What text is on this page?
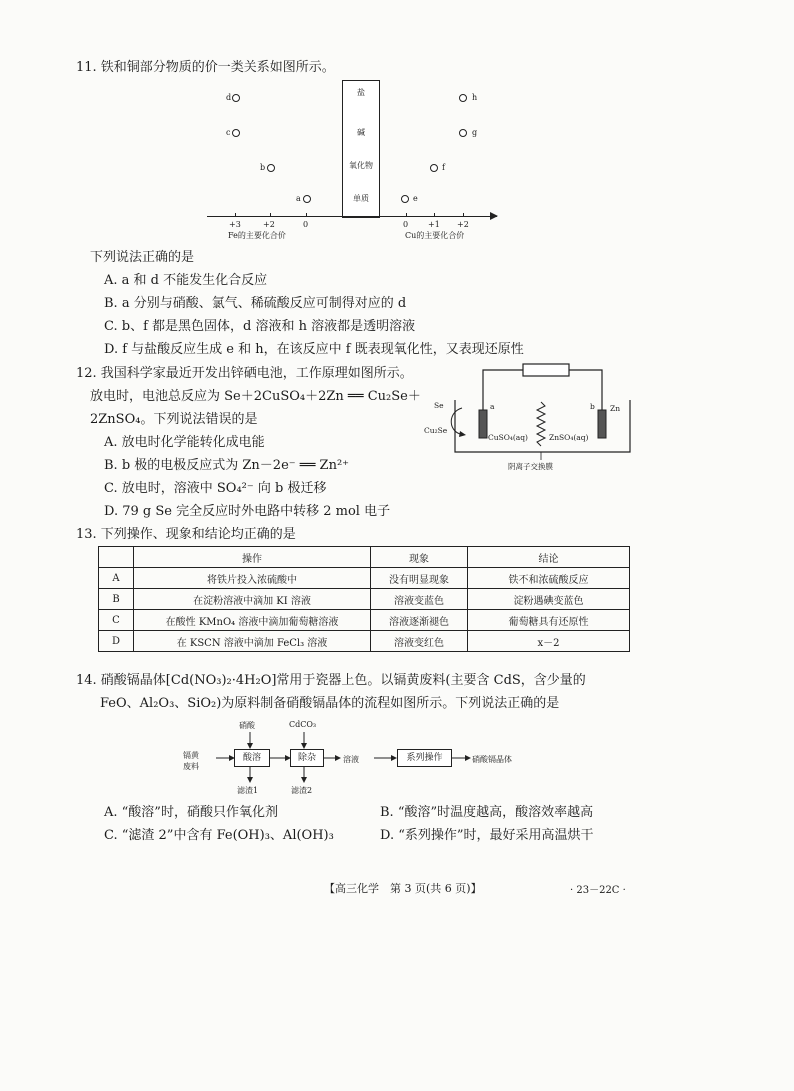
11. 铁和铜部分物质的价一类关系如图所示。
盐
碱
氧化物
单质
+3	+2	0	0 +1 +2
Fe的主要化合价	Cu的主要化合价
d
c
b
a
h
g
f
e
下列说法正确的是
A. a 和 d 不能发生化合反应
B. a 分别与硝酸、氯气、稀硫酸反应可制得对应的 d
C. b、f 都是黑色固体，d 溶液和 h 溶液都是透明溶液
D. f 与盐酸反应生成 e 和 h，在该反应中 f 既表现氧化性，又表现还原性
12. 我国科学家最近开发出锌硒电池，工作原理如图所示。
放电时，电池总反应为 Se＋2CuSO₄＋2Zn ══ Cu₂Se＋
2ZnSO₄。下列说法错误的是
A. 放电时化学能转化成电能
B. b 极的电极反应式为 Zn－2e⁻ ══ Zn²⁺
C. 放电时，溶液中 SO₄²⁻ 向 b 极迁移
D. 79 g Se 完全反应时外电路中转移 2 mol 电子
Se
Cu₂Se
a	b Zn
CuSO₄(aq)	ZnSO₄(aq)
阴离子交换膜
13. 下列操作、现象和结论均正确的是
	操作	现象	结论
A	将铁片投入浓硫酸中	没有明显现象	铁不和浓硫酸反应
B	在淀粉溶液中滴加 KI 溶液	溶液变蓝色	淀粉遇碘变蓝色
C	在酸性 KMnO₄ 溶液中滴加葡萄糖溶液	溶液逐渐褪色	葡萄糖具有还原性
D	在 KSCN 溶液中滴加 FeCl₃ 溶液	溶液变红色	x－2
14. 硝酸镉晶体[Cd(NO₃)₂·4H₂O]常用于瓷器上色。以镉黄废料(主要含 CdS，含少量的
FeO、Al₂O₃、SiO₂)为原料制备硝酸镉晶体的流程如图所示。下列说法正确的是
镉黄
废料
硝酸	CdCO₃
酸溶	除杂	溶液	系列操作	硝酸镉晶体
滤渣1	滤渣2
A. “酸溶”时，硝酸只作氧化剂	B. “酸溶”时温度越高，酸溶效率越高
C. “滤渣 2”中含有 Fe(OH)₃、Al(OH)₃	D. “系列操作”时，最好采用高温烘干
【高三化学　第 3 页(共 6 页)】	· 23－22C ·
